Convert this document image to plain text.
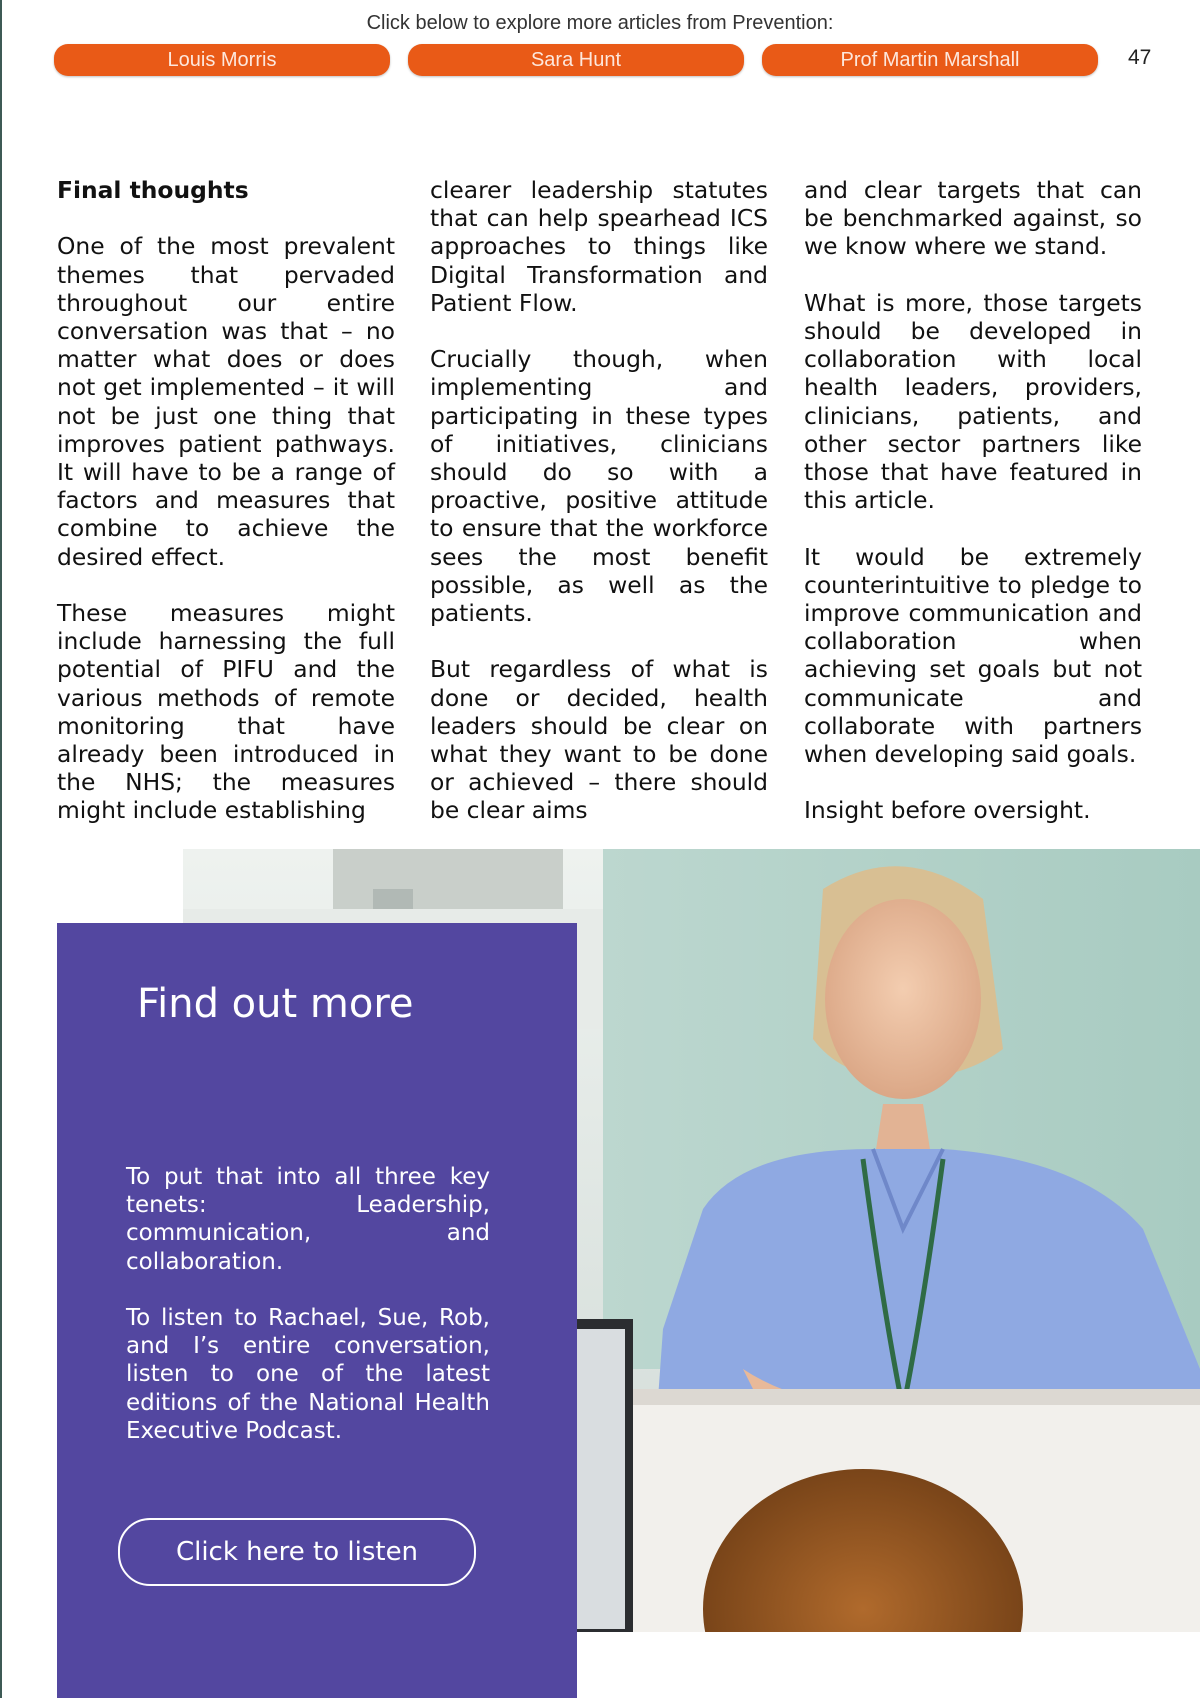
Click below to explore more articles from Prevention:
Louis Morris	Sara Hunt	Prof Martin Marshall	47
Final thoughts

One of the most prevalent themes that pervaded throughout our entire conversation was that – no matter what does or does not get implemented – it will not be just one thing that improves patient pathways. It will have to be a range of factors and measures that combine to achieve the desired effect.

These measures might include harnessing the full potential of PIFU and the various methods of remote monitoring that have already been introduced in the NHS; the measures might include establishing

clearer leadership statutes that can help spearhead ICS approaches to things like Digital Transformation and Patient Flow.

Crucially though, when implementing and participating in these types of initiatives, clinicians should do so with a proactive, positive attitude to ensure that the workforce sees the most benefit possible, as well as the patients.

But regardless of what is done or decided, health leaders should be clear on what they want to be done or achieved – there should be clear aims

and clear targets that can be benchmarked against, so we know where we stand.

What is more, those targets should be developed in collaboration with local health leaders, providers, clinicians, patients, and other sector partners like those that have featured in this article.

It would be extremely counterintuitive to pledge to improve communication and collaboration when achieving set goals but not communicate and collaborate with partners when developing said goals.

Insight before oversight.

Find out more

To put that into all three key tenets: Leadership, communication, and collaboration.

To listen to Rachael, Sue, Rob, and I’s entire conversation, listen to one of the latest editions of the National Health Executive Podcast.

Click here to listen
